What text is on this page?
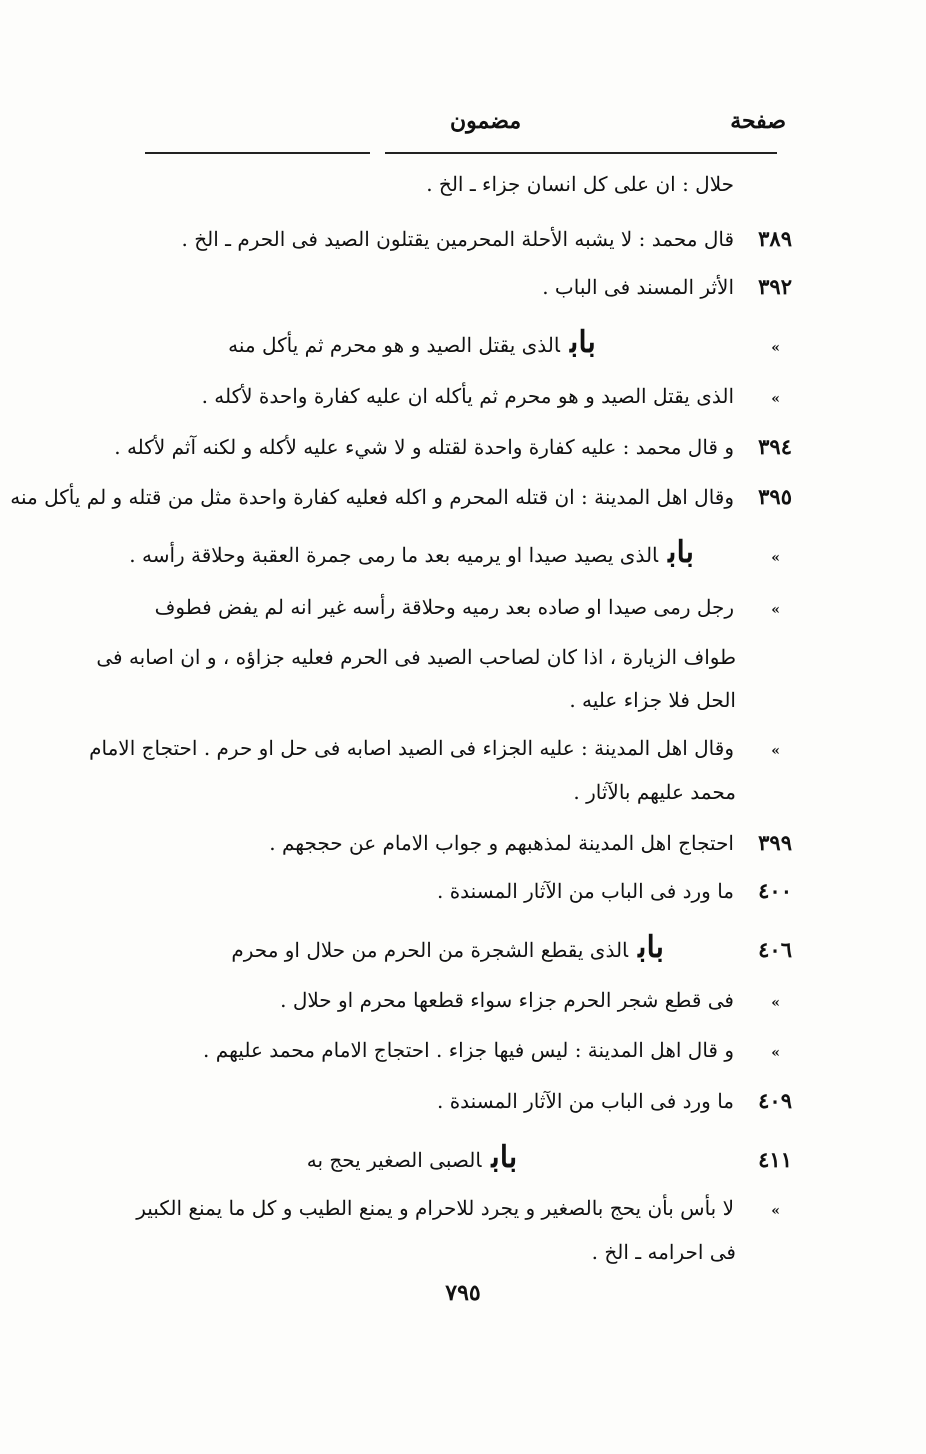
صفحة
مضمون
حلال : ان على كل انسان جزاء ـ الخ .
٣٨٩
قال محمد : لا يشبه الأحلة المحرمين يقتلون الصيد فى الحرم ـ الخ .
٣٩٢
الأثر المسند فى الباب .
»
بابالذى يقتل الصيد و هو محرم ثم يأكل منه
»
الذى يقتل الصيد و هو محرم ثم يأكله ان عليه كفارة واحدة لأكله .
٣٩٤
و قال محمد : عليه كفارة واحدة لقتله و لا شيء عليه لأكله و لكنه آثم لأكله .
٣٩٥
وقال اهل المدينة : ان قتله المحرم و اكله فعليه كفارة واحدة مثل من قتله و لم يأكل منه
»
بابالذى يصيد صيدا او يرميه بعد ما رمى جمرة العقبة وحلاقة رأسه .
»
رجل رمى صيدا او صاده بعد رميه وحلاقة رأسه غير انه لم يفض فطوف
طواف الزيارة ، اذا كان لصاحب الصيد فى الحرم فعليه جزاؤه ، و ان اصابه فى
الحل فلا جزاء عليه .
»
وقال اهل المدينة : عليه الجزاء فى الصيد اصابه فى حل او حرم . احتجاج الامام
محمد عليهم بالآثار .
٣٩٩
احتجاج اهل المدينة لمذهبهم و جواب الامام عن حججهم .
٤٠٠
ما ورد فى الباب من الآثار المسندة .
٤٠٦
بابالذى يقطع الشجرة من الحرم من حلال او محرم
»
فى قطع شجر الحرم جزاء سواء قطعها محرم او حلال .
»
و قال اهل المدينة : ليس فيها جزاء . احتجاج الامام محمد عليهم .
٤٠٩
ما ورد فى الباب من الآثار المسندة .
٤١١
بابالصبى الصغير يحج به
»
لا بأس بأن يحج بالصغير و يجرد للاحرام و يمنع الطيب و كل ما يمنع الكبير
فى احرامه ـ الخ .
٧٩٥
